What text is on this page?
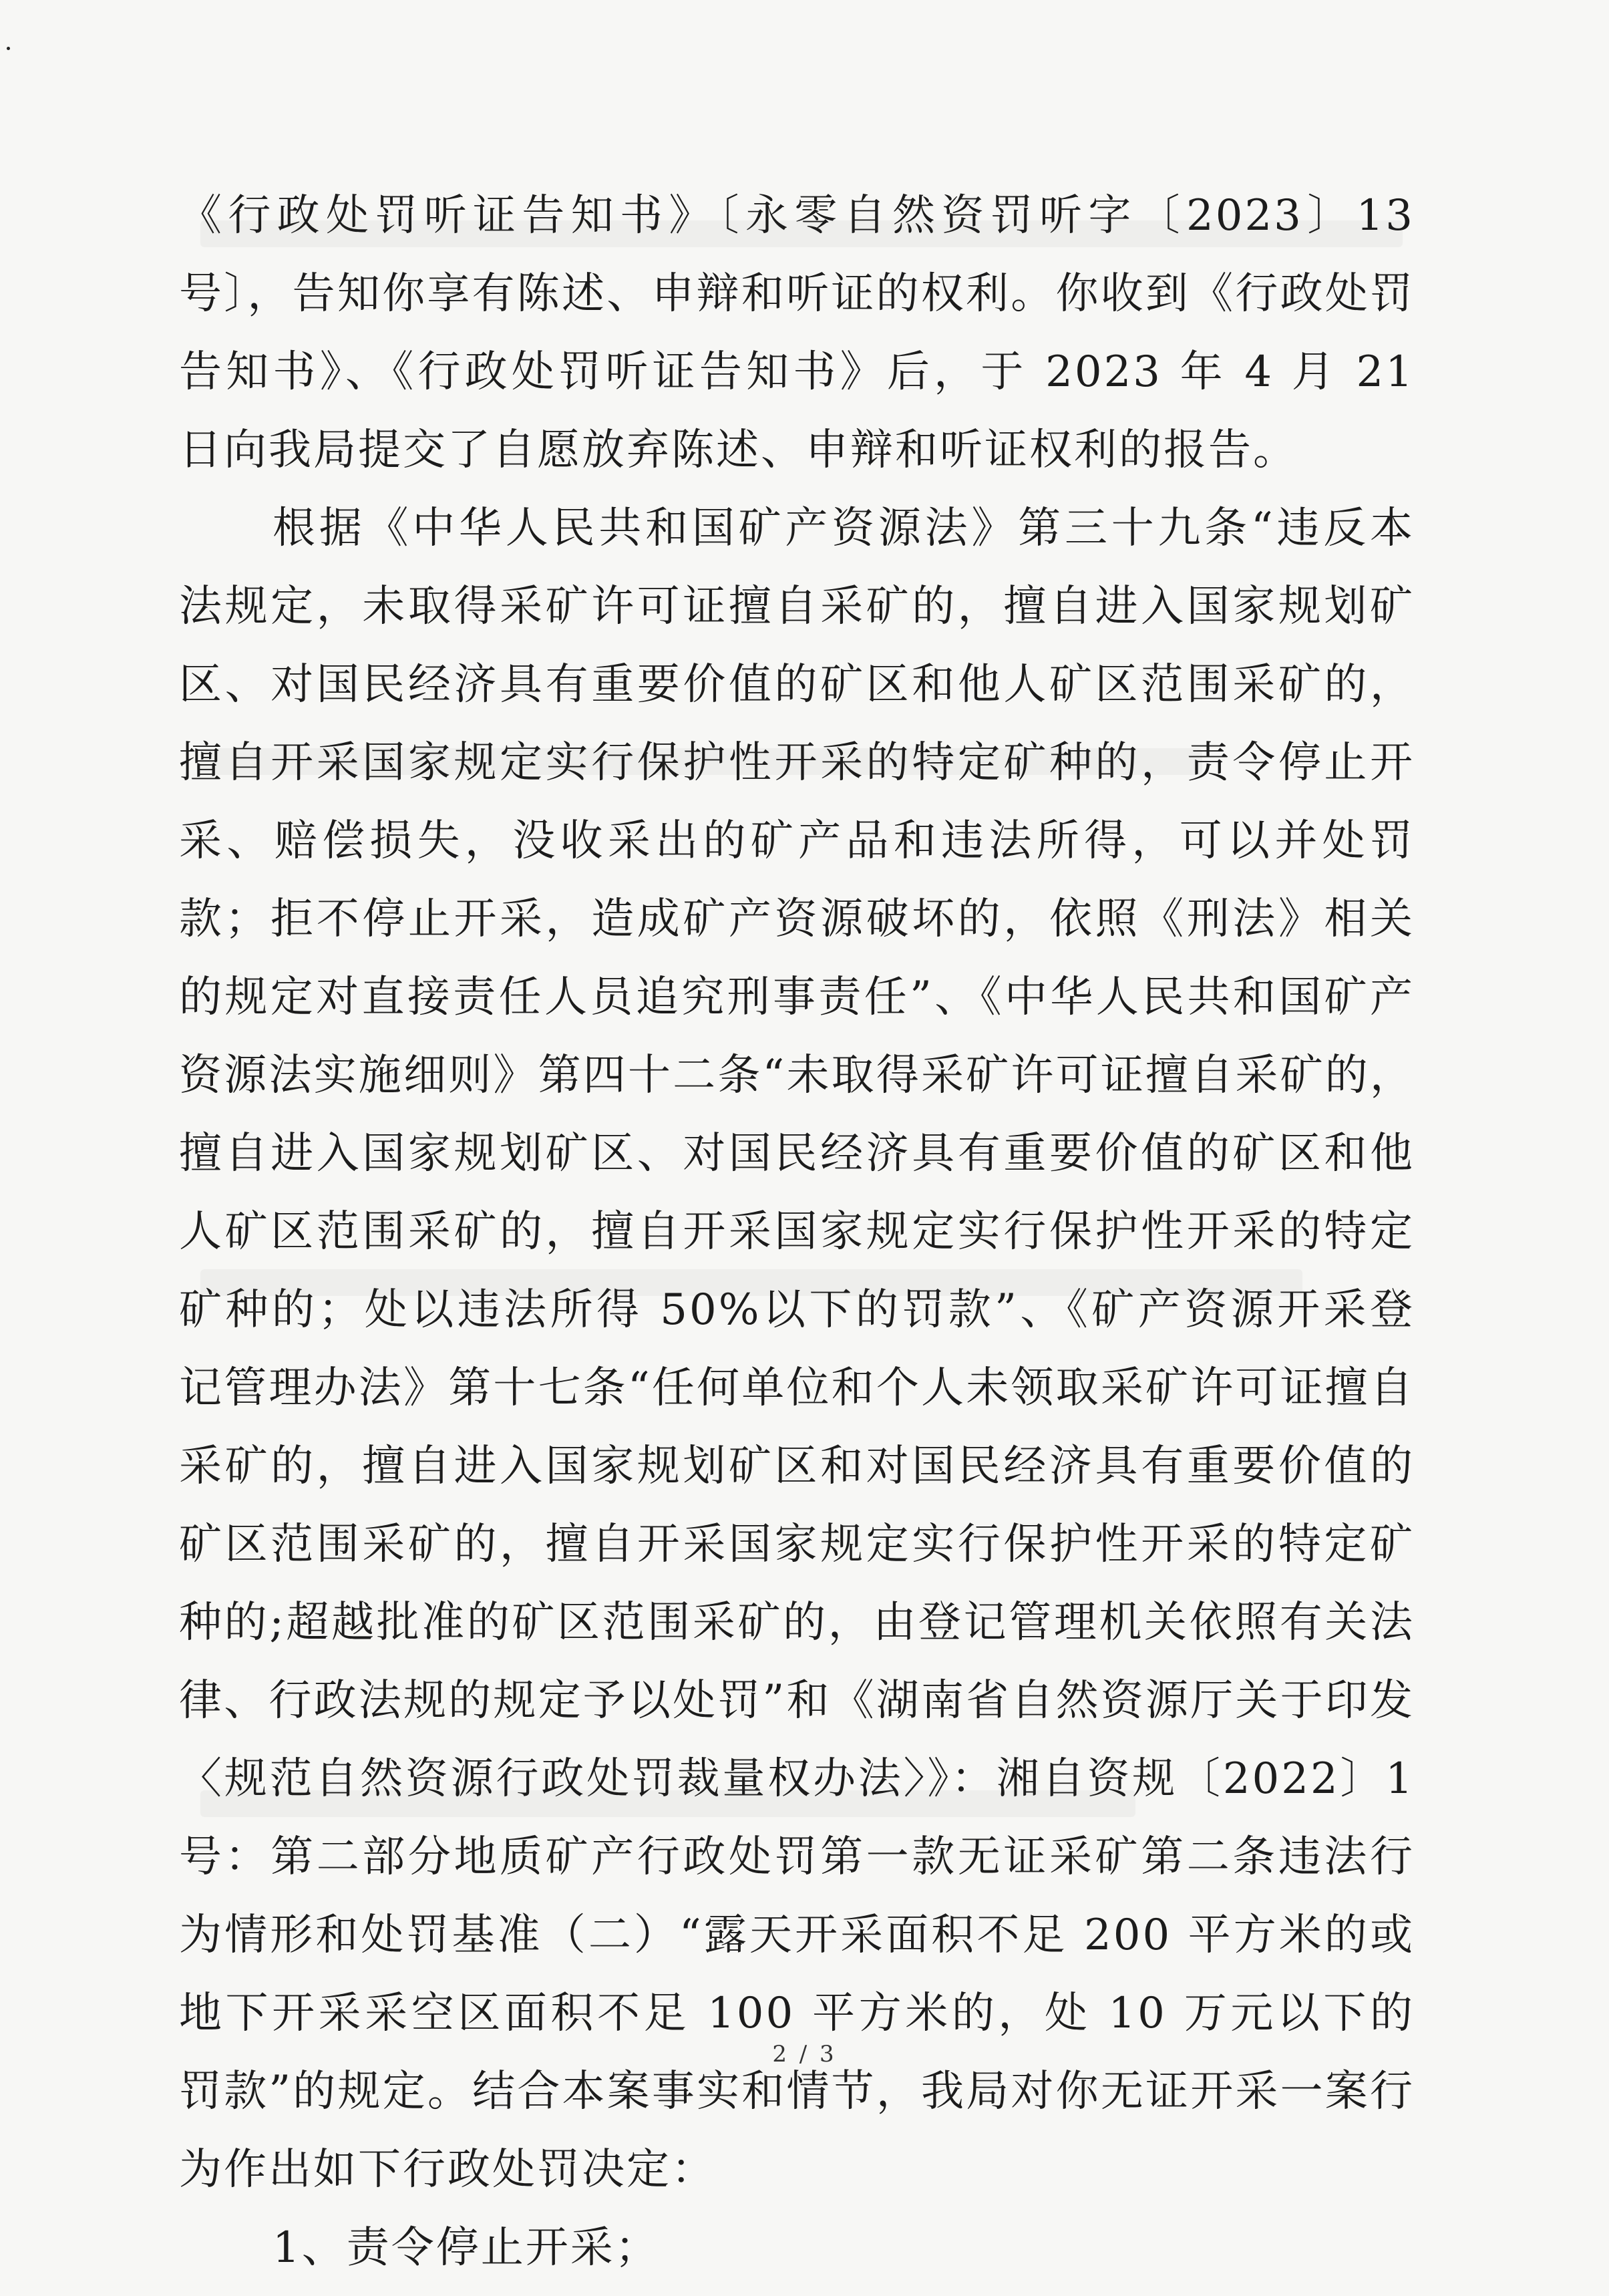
《行政处罚听证告知书》〔永零自然资罚听字〔2023〕13 号〕，告知你享有陈述、申辩和听证的权利。你收到《行政处罚告知书》、《行政处罚听证告知书》后，于 2023 年 4 月 21 日向我局提交了自愿放弃陈述、申辩和听证权利的报告。

根据《中华人民共和国矿产资源法》第三十九条“违反本法规定，未取得采矿许可证擅自采矿的，擅自进入国家规划矿区、对国民经济具有重要价值的矿区和他人矿区范围采矿的，擅自开采国家规定实行保护性开采的特定矿种的，责令停止开采、赔偿损失，没收采出的矿产品和违法所得，可以并处罚款；拒不停止开采，造成矿产资源破坏的，依照《刑法》相关的规定对直接责任人员追究刑事责任”、《中华人民共和国矿产资源法实施细则》第四十二条“未取得采矿许可证擅自采矿的，擅自进入国家规划矿区、对国民经济具有重要价值的矿区和他人矿区范围采矿的，擅自开采国家规定实行保护性开采的特定矿种的；处以违法所得 50%以下的罚款”、《矿产资源开采登记管理办法》第十七条“任何单位和个人未领取采矿许可证擅自采矿的，擅自进入国家规划矿区和对国民经济具有重要价值的矿区范围采矿的，擅自开采国家规定实行保护性开采的特定矿种的;超越批准的矿区范围采矿的，由登记管理机关依照有关法律、行政法规的规定予以处罚”和《湖南省自然资源厅关于印发〈规范自然资源行政处罚裁量权办法〉》：湘自资规〔2022〕1 号：第二部分地质矿产行政处罚第一款无证采矿第二条违法行为情形和处罚基准（二）“露天开采面积不足 200 平方米的或地下开采采空区面积不足 100 平方米的，处 10 万元以下的罚款”的规定。结合本案事实和情节，我局对你无证开采一案行为作出如下行政处罚决定：

1、责令停止开采；

2 / 3
